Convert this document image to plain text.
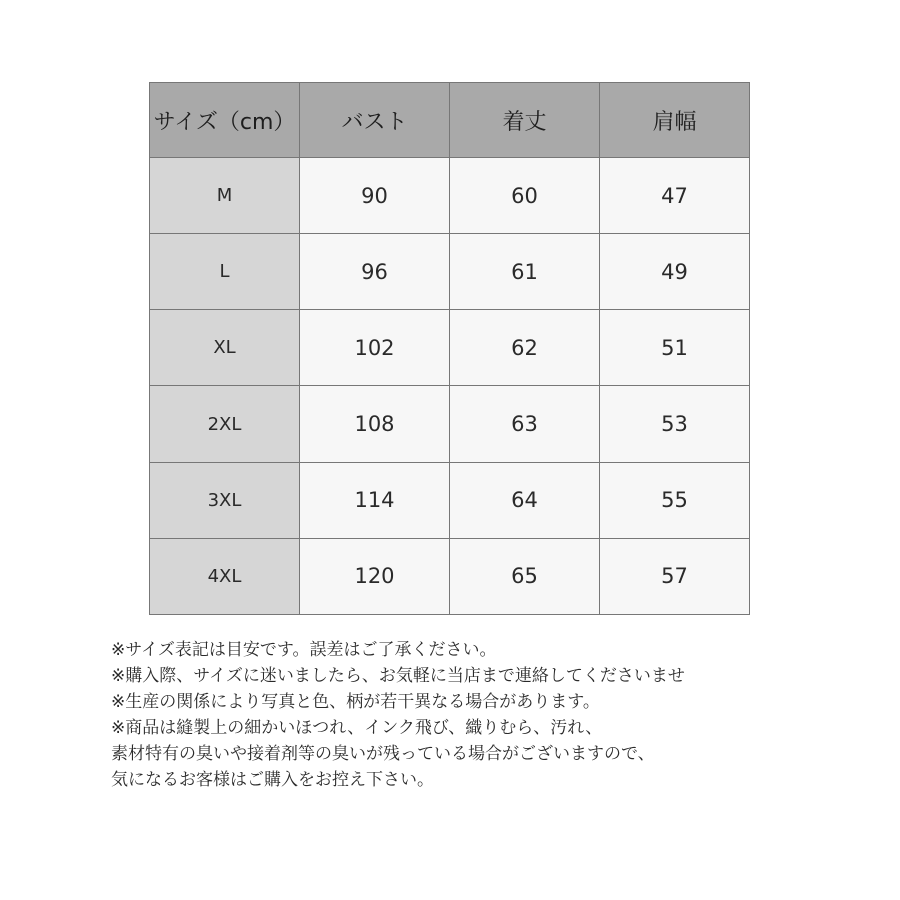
サイズ（cm）	バスト	着丈	肩幅
M	90	60	47
L	96	61	49
XL	102	62	51
2XL	108	63	53
3XL	114	64	55
4XL	120	65	57
※サイズ表記は目安です。誤差はご了承ください。
※購入際、サイズに迷いましたら、お気軽に当店まで連絡してくださいませ
※生産の関係により写真と色、柄が若干異なる場合があります。
※商品は縫製上の細かいほつれ、インク飛び、織りむら、汚れ、
素材特有の臭いや接着剤等の臭いが残っている場合がございますので、
気になるお客様はご購入をお控え下さい。
